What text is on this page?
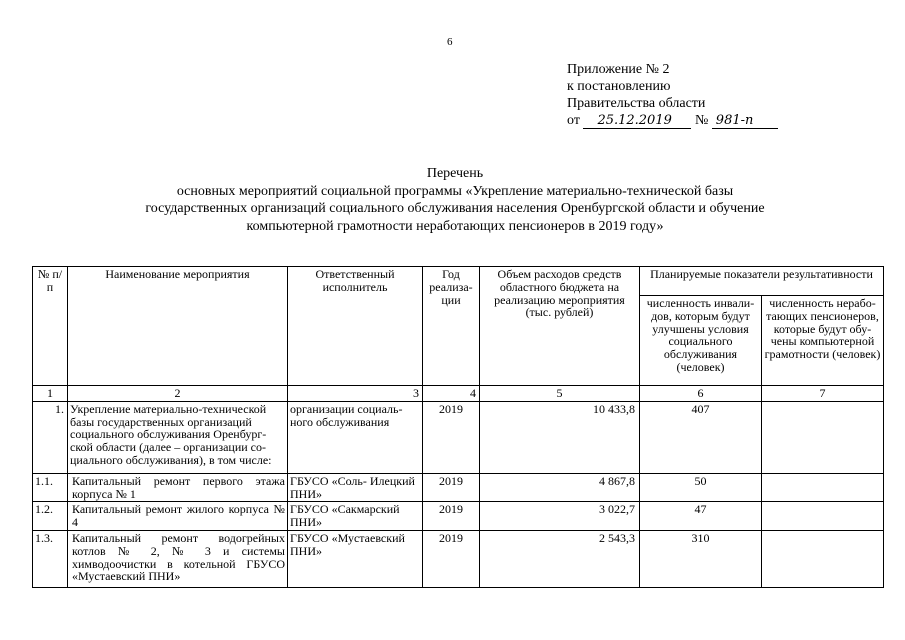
6
Приложение № 2
к постановлению
Правительства области
от 25.12.2019 № 981-п
Перечень
основных мероприятий социальной программы «Укрепление материально-технической базы
государственных организаций социального обслуживания населения Оренбургской области и обучение
компьютерной грамотности неработающих пенсионеров в 2019 году»
№ п/п	Наименование мероприятия	Ответственный исполнитель	Год реализа- ции	Объем расходов средств областного бюджета на реализацию мероприятия (тыс. рублей)	Планируемые показатели результативности	
					численность инвали- дов, которым будут улучшены условия социального обслуживания (человек)	численность нерабо- тающих пенсионеров, которые будут обу- чены компьютерной грамотности (человек)
1	2	3	4	5	6	7
1.	Укрепление материально-технической базы государственных организаций социального обслуживания Оренбург- ской области (далее – организации со- циального обслуживания), в том числе:	организации социаль- ного обслуживания	2019	10 433,8	407	
1.1.	Капитальный ремонт первого этажа корпуса № 1	ГБУСО «Соль- Илецкий ПНИ»	2019	4 867,8	50	
1.2.	Капитальный ремонт жилого корпуса № 4	ГБУСО «Сакмарский ПНИ»	2019	3 022,7	47	
1.3.	Капитальный ремонт водогрейных котлов № 2, № 3 и системы химводоочистки в котельной ГБУСО «Мустаевский ПНИ»	ГБУСО «Мустаевский ПНИ»	2019	2 543,3	310	
